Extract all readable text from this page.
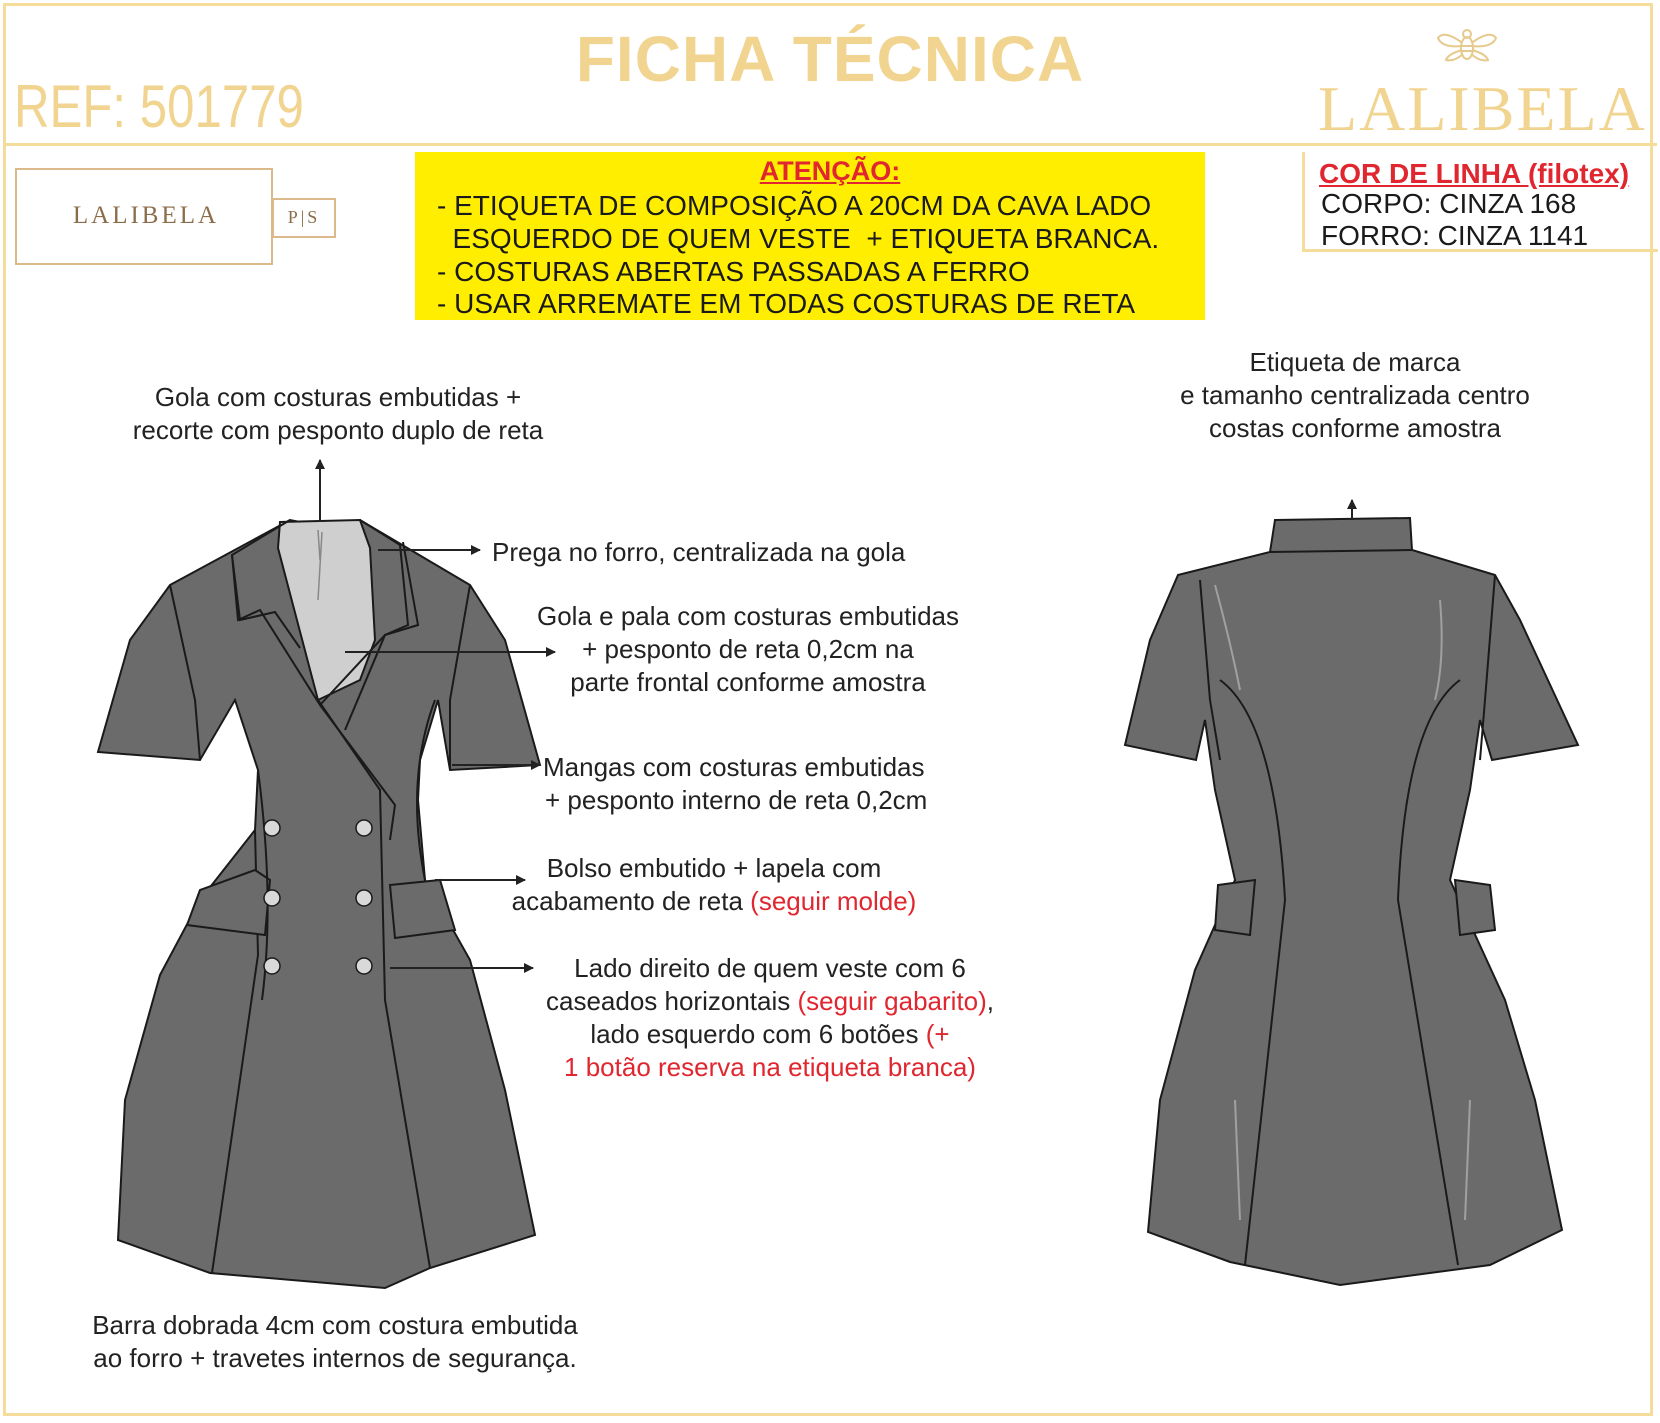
FICHA TÉCNICA
REF: 501779	LALIBELA
LALIBELA	P|S
ATENÇÃO:
- ETIQUETA DE COMPOSIÇÃO A 20CM DA CAVA LADO
ESQUERDO DE QUEM VESTE  + ETIQUETA BRANCA.
- COSTURAS ABERTAS PASSADAS A FERRO
- USAR ARREMATE EM TODAS COSTURAS DE RETA
COR DE LINHA (filotex)
CORPO: CINZA 168
FORRO: CINZA 1141
Gola com costuras embutidas +
recorte com pesponto duplo de reta
Prega no forro, centralizada na gola
Gola e pala com costuras embutidas
+ pesponto de reta 0,2cm na
parte frontal conforme amostra
Mangas com costuras embutidas
+ pesponto interno de reta 0,2cm
Bolso embutido + lapela com
acabamento de reta (seguir molde)
Lado direito de quem veste com 6
caseados horizontais (seguir gabarito),
lado esquerdo com 6 botões (+
1 botão reserva na etiqueta branca)
Barra dobrada 4cm com costura embutida
ao forro + travetes internos de segurança.
Etiqueta de marca
e tamanho centralizada centro
costas conforme amostra
